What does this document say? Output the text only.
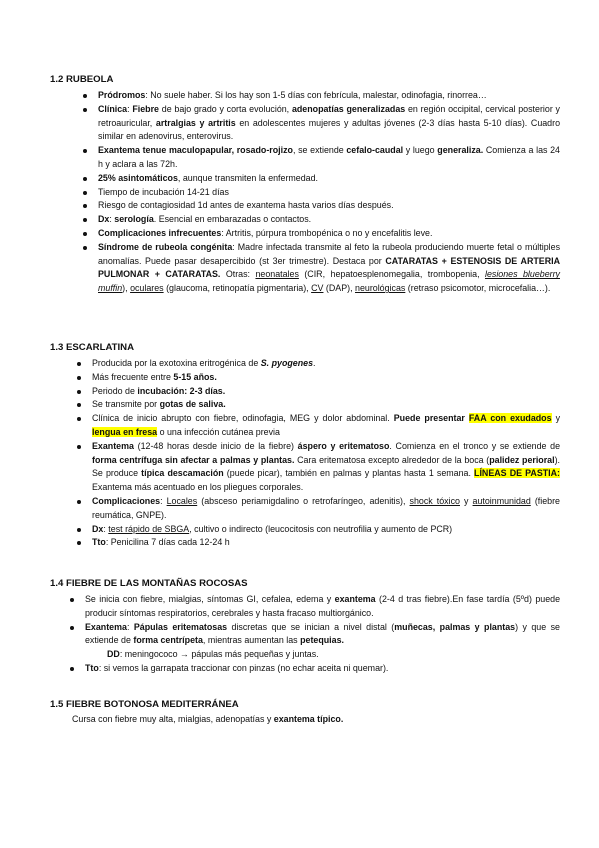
1.2 RUBEOLA

Pródromos: No suele haber. Si los hay son 1-5 días con febrícula, malestar, odinofagia, rinorrea…
Clínica: Fiebre de bajo grado y corta evolución, adenopatías generalizadas en región occipital, cervical posterior y retroauricular, artralgias y artritis en adolescentes mujeres y adultas jóvenes (2-3 días hasta 5-10 días). Cuadro similar en adenovirus, enterovirus.
Exantema tenue maculopapular, rosado-rojizo, se extiende cefalo-caudal y luego generaliza. Comienza a las 24 h y aclara a las 72h.
25% asintomáticos, aunque transmiten la enfermedad.
Tiempo de incubación 14-21 días
Riesgo de contagiosidad 1d antes de exantema hasta varios días después.
Dx: serología. Esencial en embarazadas o contactos.
Complicaciones infrecuentes: Artritis, púrpura trombopénica o no y encefalitis leve.
Síndrome de rubeola congénita: Madre infectada transmite al feto la rubeola produciendo muerte fetal o múltiples anomalías. Puede pasar desapercibido (st 3er trimestre). Destaca por CATARATAS + ESTENOSIS DE ARTERIA PULMONAR + CATARATAS. Otras: neonatales (CIR, hepatoesplenomegalia, trombopenia, lesiones blueberry muffin), oculares (glaucoma, retinopatía pigmentaria), CV (DAP), neurológicas (retraso psicomotor, microcefalia…).

1.3 ESCARLATINA

Producida por la exotoxina eritrogénica de S. pyogenes.
Más frecuente entre 5-15 años.
Periodo de incubación: 2-3 días.
Se transmite por gotas de saliva.
Clínica de inicio abrupto con fiebre, odinofagia, MEG y dolor abdominal. Puede presentar FAA con exudados y lengua en fresa o una infección cutánea previa
Exantema (12-48 horas desde inicio de la fiebre) áspero y eritematoso. Comienza en el tronco y se extiende de forma centrífuga sin afectar a palmas y plantas. Cara eritematosa excepto alrededor de la boca (palidez perioral). Se produce típica descamación (puede picar), también en palmas y plantas hasta 1 semana. LÍNEAS DE PASTIA: Exantema más acentuado en los pliegues corporales.
Complicaciones: Locales (absceso periamigdalino o retrofaríngeo, adenitis), shock tóxico y autoinmunidad (fiebre reumática, GNPE).
Dx: test rápido de SBGA, cultivo o indirecto (leucocitosis con neutrofilia y aumento de PCR)
Tto: Penicilina 7 días cada 12-24 h

1.4 FIEBRE DE LAS MONTAÑAS ROCOSAS

Se inicia con fiebre, mialgias, síntomas GI, cefalea, edema y exantema (2-4 d tras fiebre).En fase tardía (5ºd) puede producir síntomas respiratorios, cerebrales y hasta fracaso multiorgánico.
Exantema: Pápulas eritematosas discretas que se inician a nivel distal (muñecas, palmas y plantas) y que se extiende de forma centrípeta, mientras aumentan las petequias.
DD: meningococo → pápulas más pequeñas y juntas.
Tto: si vemos la garrapata traccionar con pinzas (no echar aceita ni quemar).

1.5 FIEBRE BOTONOSA MEDITERRÁNEA

Cursa con fiebre muy alta, mialgias, adenopatías y exantema típico.
